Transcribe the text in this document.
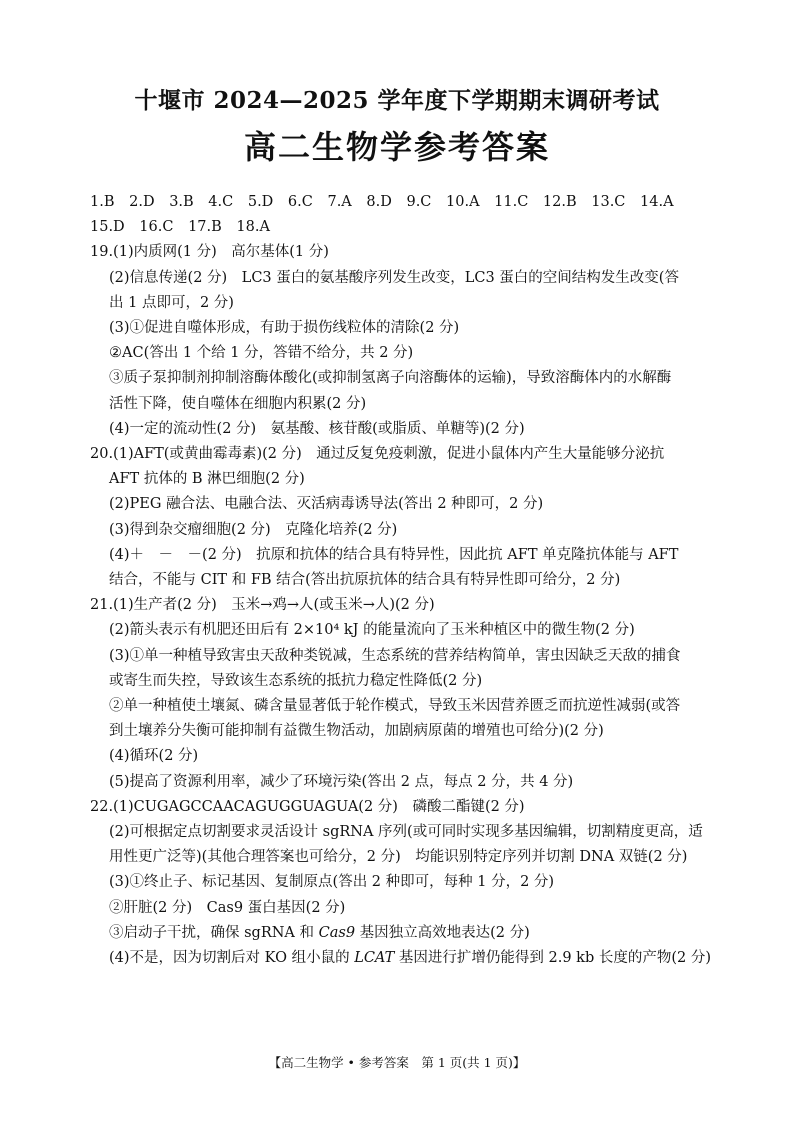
十堰市 2024—2025 学年度下学期期末调研考试
高二生物学参考答案
1.B 2.D 3.B 4.C 5.D 6.C 7.A 8.D 9.C 10.A 11.C 12.B 13.C 14.A
15.D 16.C 17.B 18.A
19.(1)内质网(1 分)　高尔基体(1 分)
(2)信息传递(2 分)　LC3 蛋白的氨基酸序列发生改变，LC3 蛋白的空间结构发生改变(答
出 1 点即可，2 分)
(3)①促进自噬体形成，有助于损伤线粒体的清除(2 分)
②AC(答出 1 个给 1 分，答错不给分，共 2 分)
③质子泵抑制剂抑制溶酶体酸化(或抑制氢离子向溶酶体的运输)，导致溶酶体内的水解酶
活性下降，使自噬体在细胞内积累(2 分)
(4)一定的流动性(2 分)　氨基酸、核苷酸(或脂质、单糖等)(2 分)
20.(1)AFT(或黄曲霉毒素)(2 分)　通过反复免疫刺激，促进小鼠体内产生大量能够分泌抗
AFT 抗体的 B 淋巴细胞(2 分)
(2)PEG 融合法、电融合法、灭活病毒诱导法(答出 2 种即可，2 分)
(3)得到杂交瘤细胞(2 分)　克隆化培养(2 分)
(4)＋　－　－(2 分)　抗原和抗体的结合具有特异性，因此抗 AFT 单克隆抗体能与 AFT
结合，不能与 CIT 和 FB 结合(答出抗原抗体的结合具有特异性即可给分，2 分)
21.(1)生产者(2 分)　玉米→鸡→人(或玉米→人)(2 分)
(2)箭头表示有机肥还田后有 2×10⁴ kJ 的能量流向了玉米种植区中的微生物(2 分)
(3)①单一种植导致害虫天敌种类锐减，生态系统的营养结构简单，害虫因缺乏天敌的捕食
或寄生而失控，导致该生态系统的抵抗力稳定性降低(2 分)
②单一种植使土壤氮、磷含量显著低于轮作模式，导致玉米因营养匮乏而抗逆性减弱(或答
到土壤养分失衡可能抑制有益微生物活动，加剧病原菌的增殖也可给分)(2 分)
(4)循环(2 分)
(5)提高了资源利用率，减少了环境污染(答出 2 点，每点 2 分，共 4 分)
22.(1)CUGAGCCAACAGUGGUAGUA(2 分)　磷酸二酯键(2 分)
(2)可根据定点切割要求灵活设计 sgRNA 序列(或可同时实现多基因编辑，切割精度更高，适
用性更广泛等)(其他合理答案也可给分，2 分)　均能识别特定序列并切割 DNA 双链(2 分)
(3)①终止子、标记基因、复制原点(答出 2 种即可，每种 1 分，2 分)
②肝脏(2 分)　Cas9 蛋白基因(2 分)
③启动子干扰，确保 sgRNA 和 Cas9 基因独立高效地表达(2 分)
(4)不是，因为切割后对 KO 组小鼠的 LCAT 基因进行扩增仍能得到 2.9 kb 长度的产物(2 分)
【高二生物学 • 参考答案　第 1 页(共 1 页)】
